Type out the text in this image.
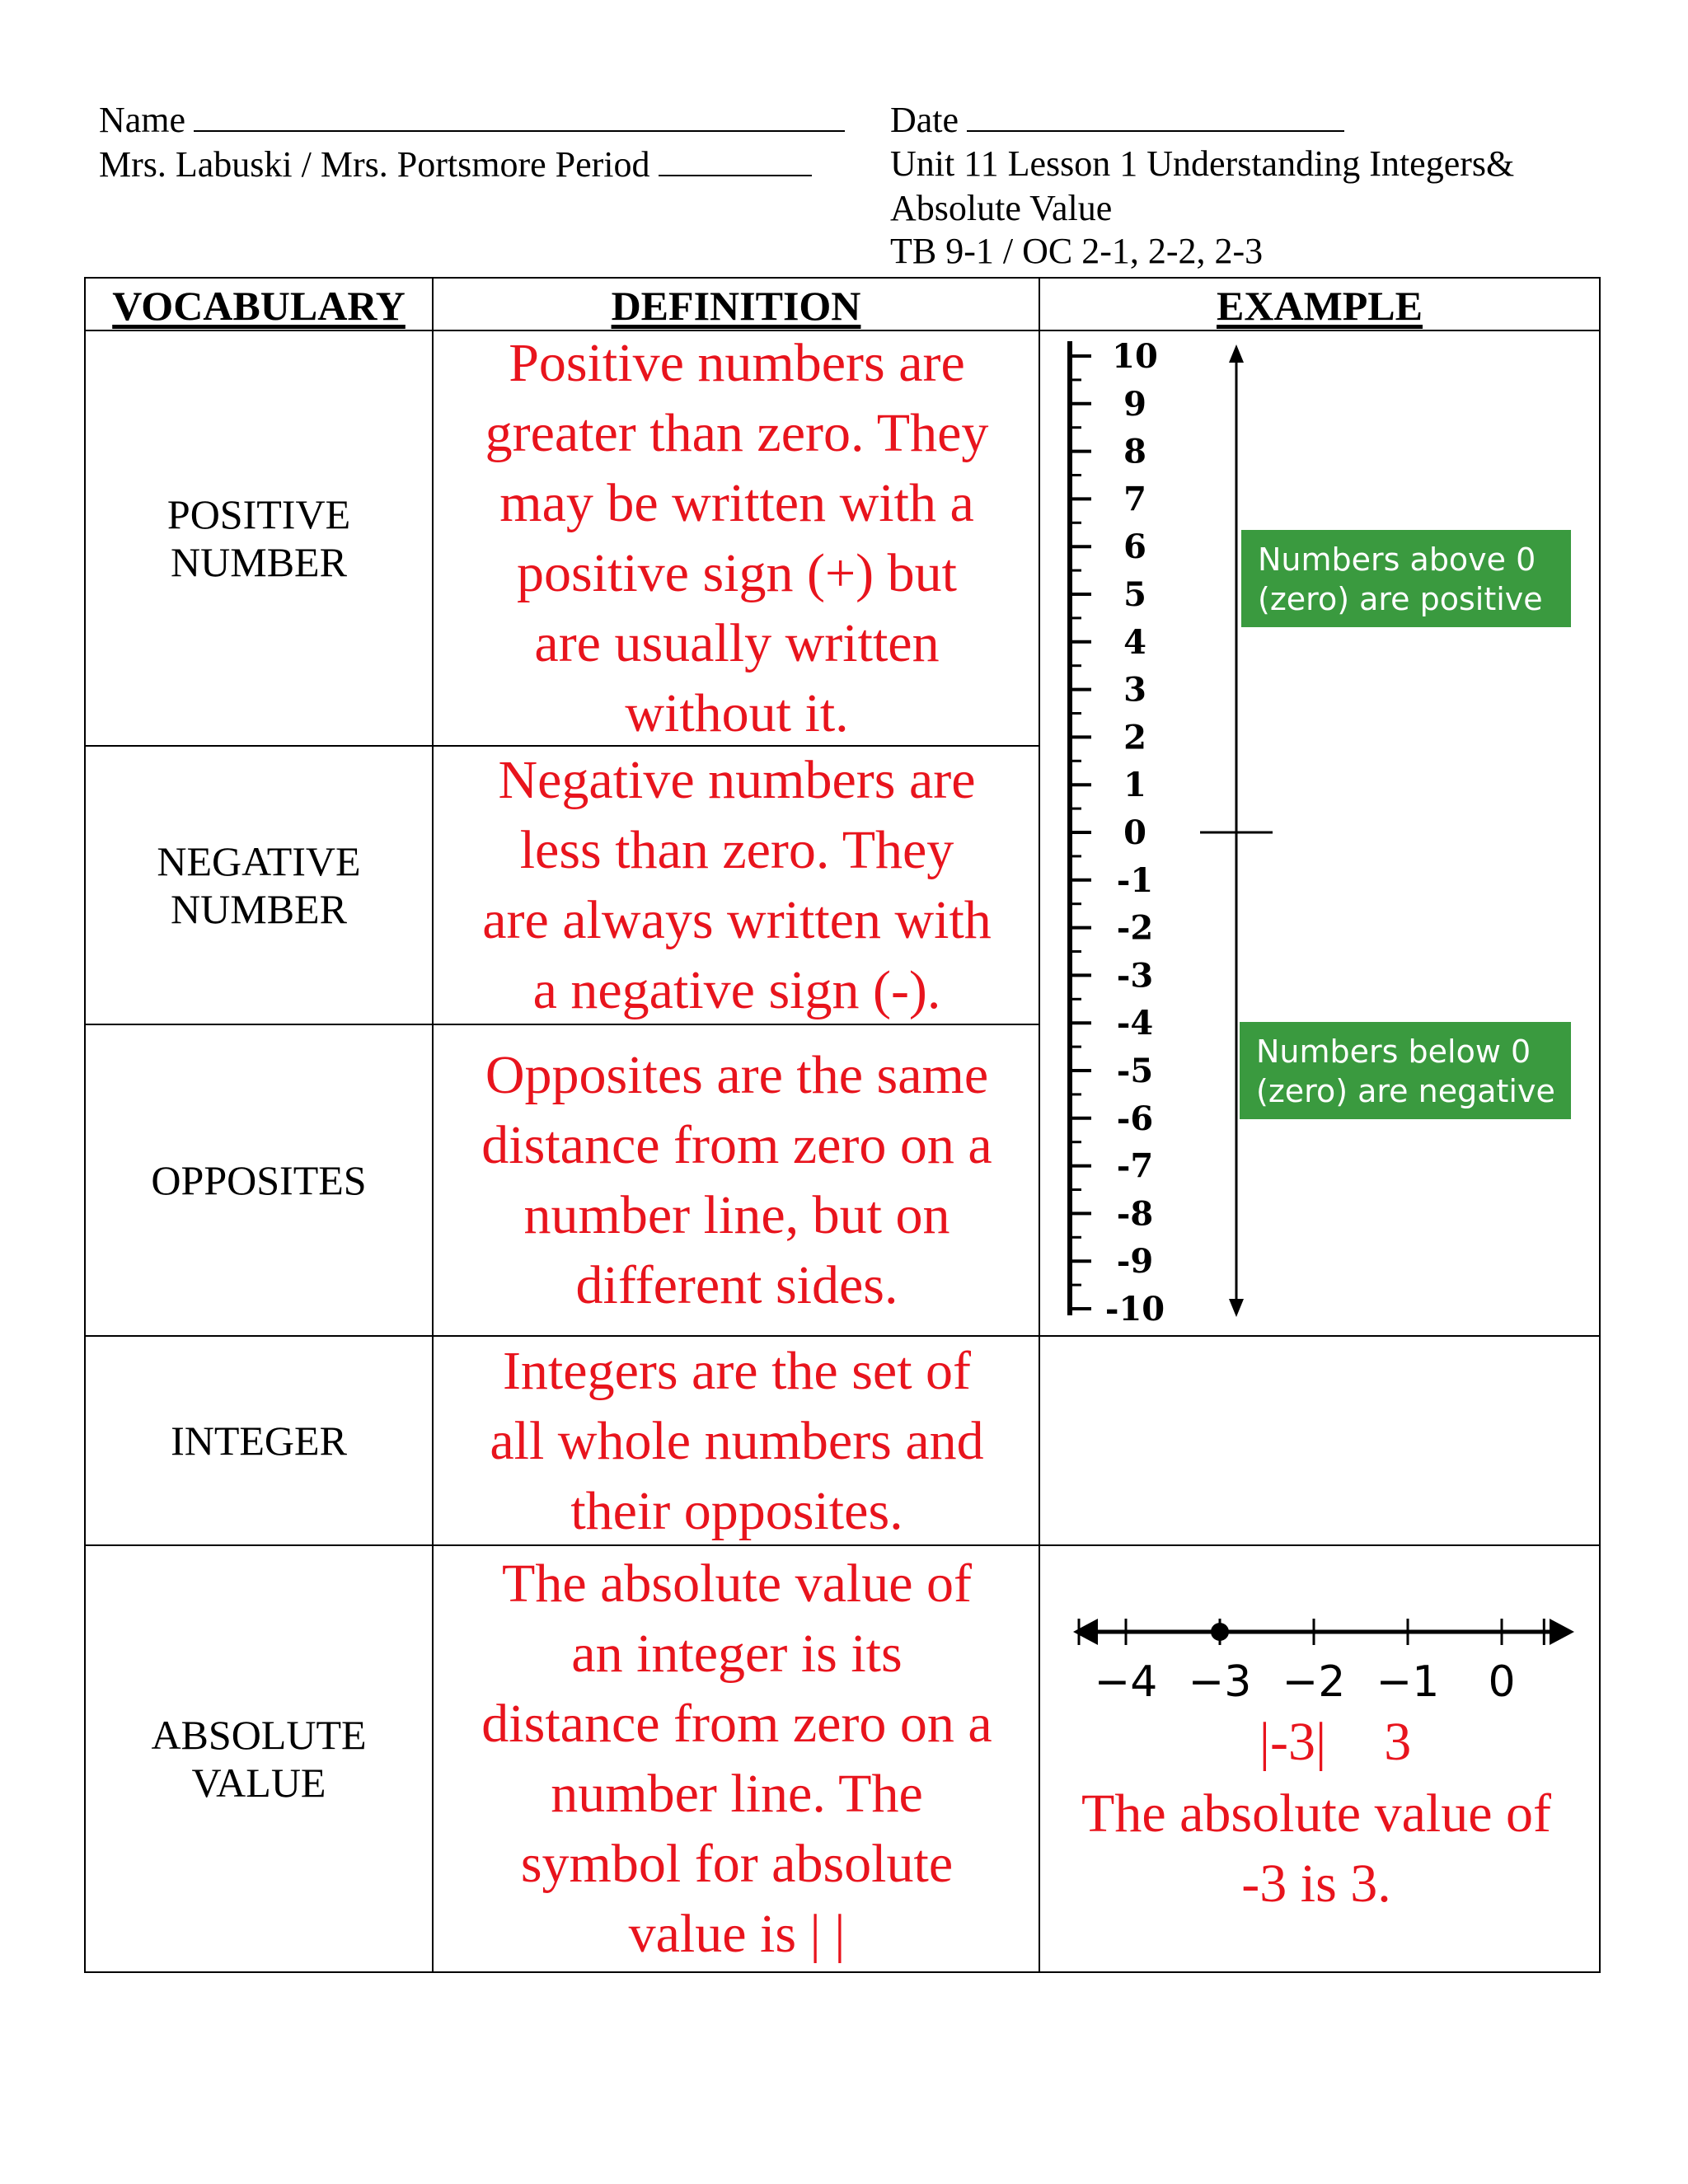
Name
Mrs. Labuski / Mrs. Portsmore Period
Date
Unit 11 Lesson 1 Understanding Integers&
Absolute Value
TB 9-1 / OC 2-1, 2-2, 2-3
VOCABULARY	DEFINITION	EXAMPLE
POSITIVE
NUMBER
Positive numbers are
greater than zero. They
may be written with a
positive sign (+) but
are usually written
without it.
NEGATIVE
NUMBER
Negative numbers are
less than zero. They
are always written with
a negative sign (-).
OPPOSITES
Opposites are the same
distance from zero on a
number line, but on
different sides.
INTEGER
Integers are the set of
all whole numbers and
their opposites.
ABSOLUTE
VALUE
The absolute value of
an integer is its
distance from zero on a
number line. The
symbol for absolute
value is | |
10
9
8
7
6
5
4
3
2
1
0
-1
-2
-3
-4
-5
-6
-7
-8
-9
-10
Numbers above 0
(zero) are positive
Numbers below 0
(zero) are negative
−4 −3 −2 −1 0
|-3| 3
The absolute value of
-3 is 3.
